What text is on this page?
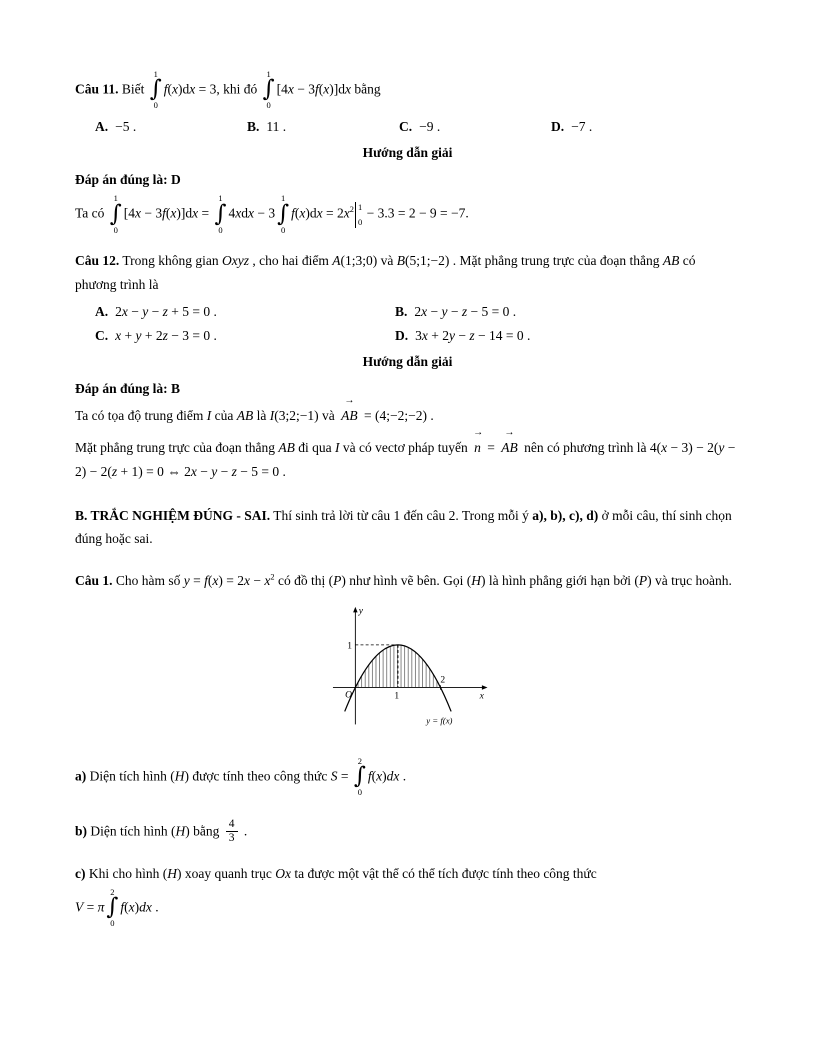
Câu 11. Biết
1
∫
0
f(x)dx = 3, khi đó
1
∫
0
[4x − 3f(x)]dx bằng

A. −5 .	B. 11 .	C. −9 .	D. −7 .

Hướng dẫn giải

Đáp án đúng là: D

Ta có
1
∫
0
[4x − 3f(x)]dx =
1
∫
0
4xdx − 3
1
∫
0
$f(x)dx = 2x^2$ 1
0
− 3.3 = 2 − 9 = −7.

Câu 12. Trong không gian Oxyz , cho hai điểm A(1;3;0) và B(5;1;−2) . Mặt phẳng trung trực của đoạn thẳng AB có phương trình là

A. 2x − y − z + 5 = 0 .	B. 2x − y − z − 5 = 0 .
C. x + y + 2z − 3 = 0 .	D. 3x + 2y − z − 14 = 0 .

Hướng dẫn giải

Đáp án đúng là: B

Ta có tọa độ trung điểm I của AB là I(3;2;−1) và AB → = (4;−2;−2) .

Mặt phẳng trung trực của đoạn thẳng AB đi qua I và có vectơ pháp tuyến n → = AB → nên có phương trình là 4(x − 3) − 2(y − 2) − 2(z + 1) = 0 ⇔ 2x − y − z − 5 = 0 .

B. TRẮC NGHIỆM ĐÚNG - SAI. Thí sinh trả lời từ câu 1 đến câu 2. Trong mỗi ý a), b), c), d) ở mỗi câu, thí sinh chọn đúng hoặc sai.

Câu 1. Cho hàm số $y = f(x) = 2x - x^2$ có đồ thị (P) như hình vẽ bên. Gọi (H) là hình phẳng giới hạn bởi (P) và trục hoành.

y
x
O
1
1
2
y = f(x)

a) Diện tích hình (H) được tính theo công thức S =
2
∫
0
f(x)dx .

b) Diện tích hình (H) bằng $\frac{4}{3}$ .

c) Khi cho hình (H) xoay quanh trục Ox ta được một vật thể có thể tích được tính theo công thức

V = π
2
∫
0
f(x)dx .
